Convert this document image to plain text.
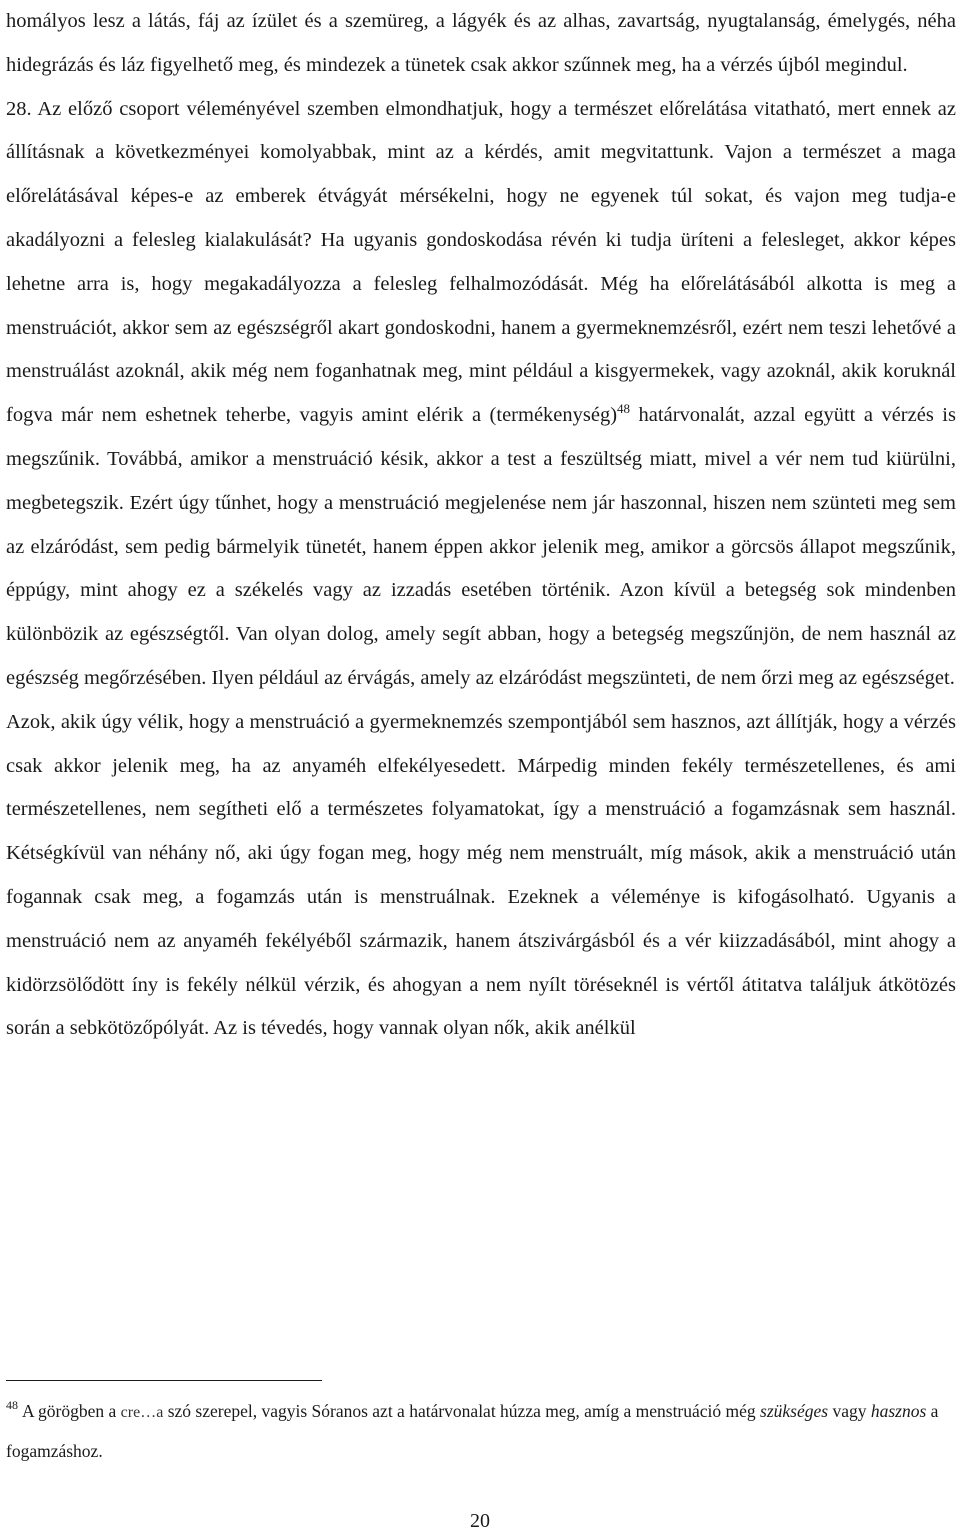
homályos lesz a látás, fáj az ízület és a szemüreg, a lágyék és az alhas, zavartság, nyugtalanság, émelygés, néha hidegrázás és láz figyelhető meg, és mindezek a tünetek csak akkor szűnnek meg, ha a vérzés újból megindul.

28. Az előző csoport véleményével szemben elmondhatjuk, hogy a természet előrelátása vitatható, mert ennek az állításnak a következményei komolyabbak, mint az a kérdés, amit megvitattunk. Vajon a természet a maga előrelátásával képes-e az emberek étvágyát mérsékelni, hogy ne egyenek túl sokat, és vajon meg tudja-e akadályozni a felesleg kialakulását? Ha ugyanis gondoskodása révén ki tudja üríteni a felesleget, akkor képes lehetne arra is, hogy megakadályozza a felesleg felhalmozódását. Még ha előrelátásából alkotta is meg a menstruációt, akkor sem az egészségről akart gondoskodni, hanem a gyermeknemzésről, ezért nem teszi lehetővé a menstruálást azoknál, akik még nem foganhatnak meg, mint például a kisgyermekek, vagy azoknál, akik koruknál fogva már nem eshetnek teherbe, vagyis amint elérik a (termékenység)$^{48}$ határvonalát, azzal együtt a vérzés is megszűnik. Továbbá, amikor a menstruáció késik, akkor a test a feszültség miatt, mivel a vér nem tud kiürülni, megbetegszik. Ezért úgy tűnhet, hogy a menstruáció megjelenése nem jár haszonnal, hiszen nem szünteti meg sem az elzáródást, sem pedig bármelyik tünetét, hanem éppen akkor jelenik meg, amikor a görcsös állapot megszűnik, éppúgy, mint ahogy ez a székelés vagy az izzadás esetében történik. Azon kívül a betegség sok mindenben különbözik az egészségtől. Van olyan dolog, amely segít abban, hogy a betegség megszűnjön, de nem használ az egészség megőrzésében. Ilyen például az érvágás, amely az elzáródást megszünteti, de nem őrzi meg az egészséget.

Azok, akik úgy vélik, hogy a menstruáció a gyermeknemzés szempontjából sem hasznos, azt állítják, hogy a vérzés csak akkor jelenik meg, ha az anyaméh elfekélyesedett. Márpedig minden fekély természetellenes, és ami természetellenes, nem segítheti elő a természetes folyamatokat, így a menstruáció a fogamzásnak sem használ. Kétségkívül van néhány nő, aki úgy fogan meg, hogy még nem menstruált, míg mások, akik a menstruáció után fogannak csak meg, a fogamzás után is menstruálnak. Ezeknek a véleménye is kifogásolható. Ugyanis a menstruáció nem az anyaméh fekélyéből származik, hanem átszivárgásból és a vér kiizzadásából, mint ahogy a kidörzsölődött íny is fekély nélkül vérzik, és ahogyan a nem nyílt töréseknél is vértől átitatva találjuk átkötözés során a sebkötözőpólyát. Az is tévedés, hogy vannak olyan nők, akik anélkül

$^{48}$ A görögben a cre…a szó szerepel, vagyis Sóranos azt a határvonalat húzza meg, amíg a menstruáció még szükséges vagy hasznos a fogamzáshoz.
20
